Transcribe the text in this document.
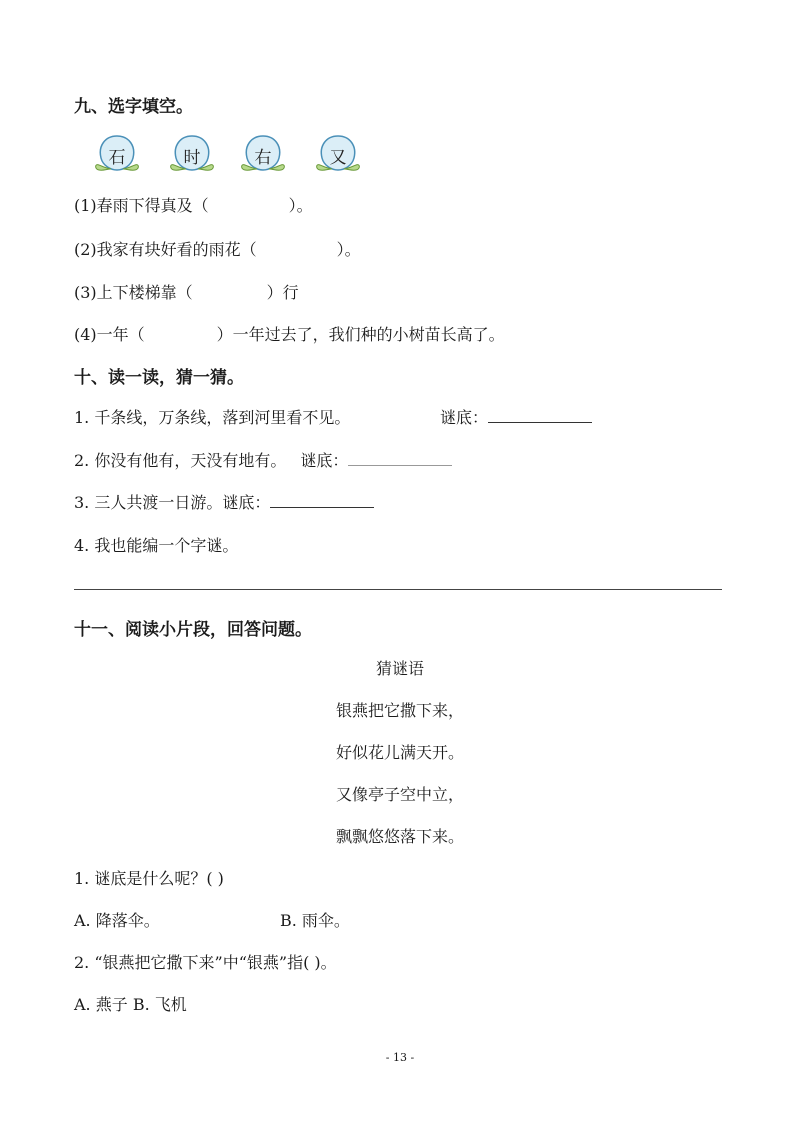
九、选字填空。
石	时	右	又
(1)春雨下得真及（	）。
(2)我家有块好看的雨花（	）。
(3)上下楼梯靠（	）行
(4)一年（	）一年过去了，我们种的小树苗长高了。
十、读一读，猜一猜。
1. 千条线，万条线，落到河里看不见。	谜底：
2. 你没有他有，天没有地有。 谜底：
3. 三人共渡一日游。谜底：
4. 我也能编一个字谜。
十一、阅读小片段，回答问题。
猜谜语
银燕把它撒下来，
好似花儿满天开。
又像亭子空中立，
飘飘悠悠落下来。
1. 谜底是什么呢？( )
A. 降落伞。	B. 雨伞。
2. “银燕把它撒下来”中“银燕”指( )。
A. 燕子 B. 飞机
- 13 -
